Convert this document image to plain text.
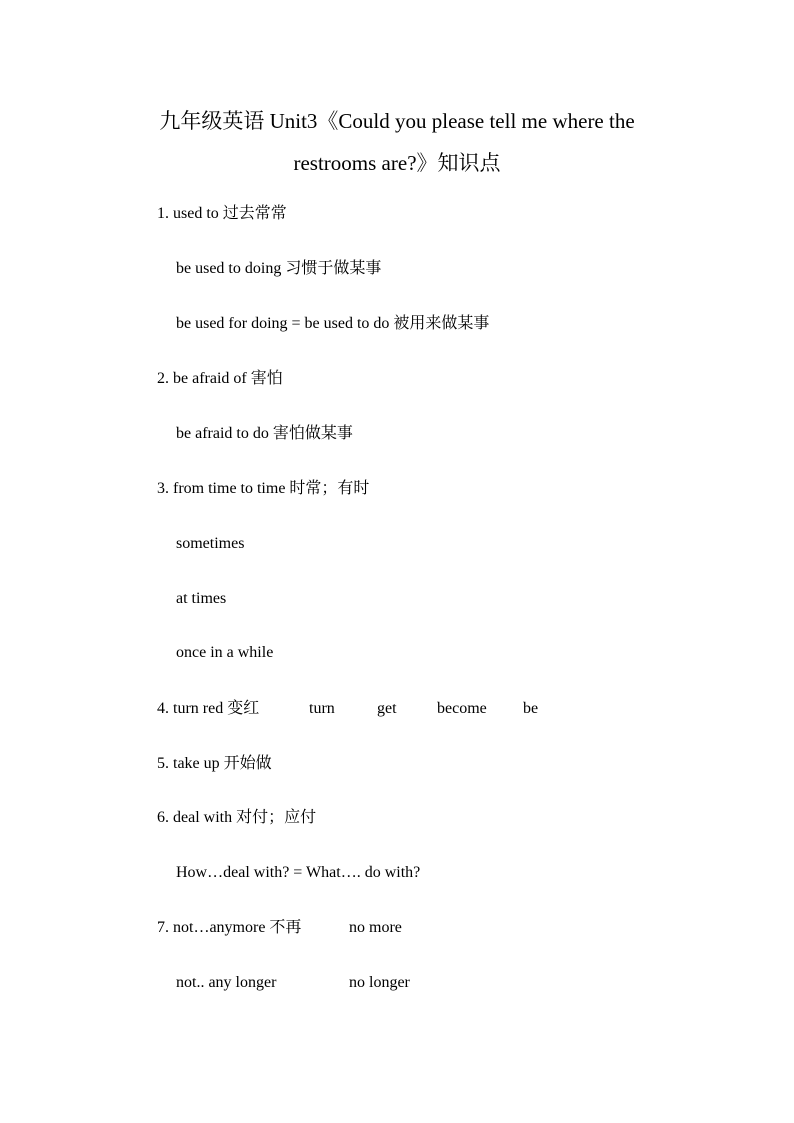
九年级英语 Unit3《Could you please tell me where the
restrooms are?》知识点
1. used to 过去常常
be used to doing 习惯于做某事
be used for doing = be used to do 被用来做某事
2. be afraid of 害怕
be afraid to do 害怕做某事
3. from time to time 时常；有时
sometimes
at times
once in a while
4. turn red 变红	turn	get	become be
5. take up 开始做
6. deal with 对付；应付
How…deal with? = What…. do with?
7. not…anymore 不再	no more
not.. any longer	no longer
